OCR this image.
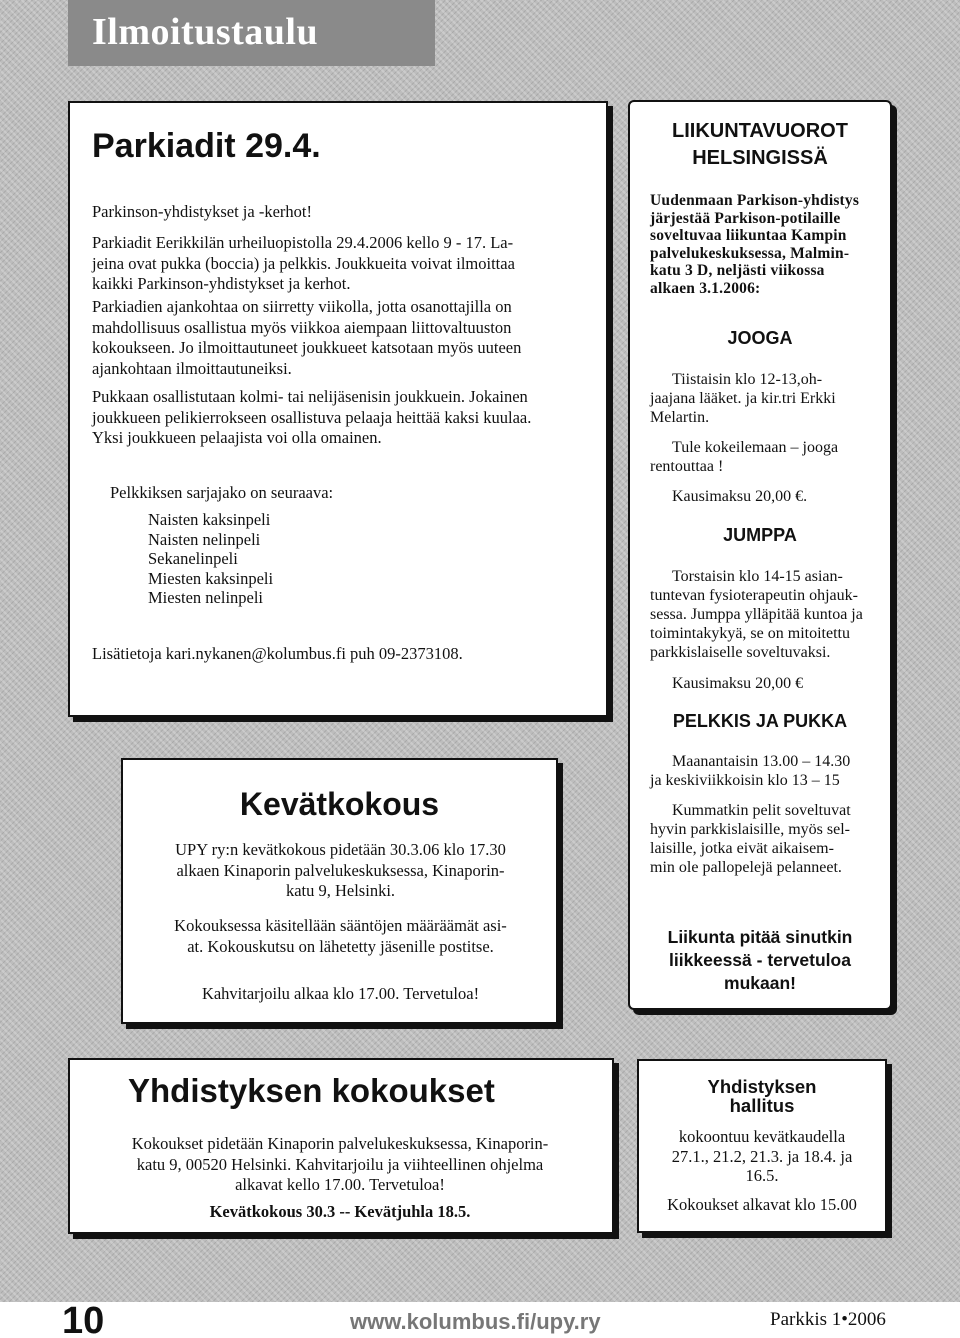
Ilmoitustaulu
Parkiadit 29.4.
Parkinson-yhdistykset ja -kerhot!
Parkiadit Eerikkilän urheiluopistolla 29.4.2006 kello 9 - 17. La-
jeina ovat pukka (boccia) ja pelkkis. Joukkueita voivat ilmoittaa
kaikki Parkinson-yhdistykset ja kerhot.
Parkiadien ajankohtaa on siirretty viikolla, jotta osanottajilla on
mahdollisuus osallistua myös viikkoa aiempaan liittovaltuuston
kokoukseen. Jo ilmoittautuneet joukkueet katsotaan myös uuteen
ajankohtaan ilmoittautuneiksi.
Pukkaan osallistutaan kolmi- tai nelijäsenisin joukkuein. Jokainen
joukkueen pelikierrokseen osallistuva pelaaja heittää kaksi kuulaa.
Yksi joukkueen pelaajista voi olla omainen.
Pelkkiksen sarjajako on seuraava:
Naisten kaksinpeli
Naisten nelinpeli
Sekanelinpeli
Miesten kaksinpeli
Miesten nelinpeli
Lisätietoja kari.nykanen@kolumbus.fi puh 09-2373108.
Kevätkokous
UPY ry:n kevätkokous pidetään 30.3.06 klo 17.30
alkaen Kinaporin palvelukeskuksessa, Kinaporin-
katu 9, Helsinki.
Kokouksessa käsitellään sääntöjen määräämät asi-
at. Kokouskutsu on lähetetty jäsenille postitse.
Kahvitarjoilu alkaa klo 17.00. Tervetuloa!
LIIKUNTAVUOROT
HELSINGISSÄ
Uudenmaan Parkison-yhdistys
järjestää Parkison-potilaille
soveltuvaa liikuntaa Kampin
palvelukeskuksessa, Malmin-
katu 3 D, neljästi viikossa
alkaen 3.1.2006:
JOOGA
Tiistaisin klo 12-13,oh-
jaajana lääket. ja kir.tri Erkki
Melartin.
Tule kokeilemaan – jooga
rentouttaa !
Kausimaksu 20,00 €.
JUMPPA
Torstaisin klo 14-15 asian-
tuntevan fysioterapeutin ohjauk-
sessa. Jumppa ylläpitää kuntoa ja
toimintakykyä, se on mitoitettu
parkkislaiselle soveltuvaksi.
Kausimaksu 20,00 €
PELKKIS JA PUKKA
Maanantaisin 13.00 – 14.30
ja keskiviikkoisin klo 13 – 15
Kummatkin pelit soveltuvat
hyvin parkkislaisille, myös sel-
laisille, jotka eivät aikaisem-
min ole pallopelejä pelanneet.
Liikunta pitää sinutkin
liikkeessä - tervetuloa
mukaan!
Yhdistyksen kokoukset
Kokoukset pidetään Kinaporin palvelukeskuksessa, Kinaporin-
katu 9, 00520 Helsinki. Kahvitarjoilu ja viihteellinen ohjelma
alkavat kello 17.00. Tervetuloa!
Kevätkokous 30.3 -- Kevätjuhla 18.5.
Yhdistyksen
hallitus
kokoontuu kevätkaudella
27.1., 21.2, 21.3. ja 18.4. ja
16.5.
Kokoukset alkavat klo 15.00
10	www.kolumbus.fi/upy.ry	Parkkis 1•2006
